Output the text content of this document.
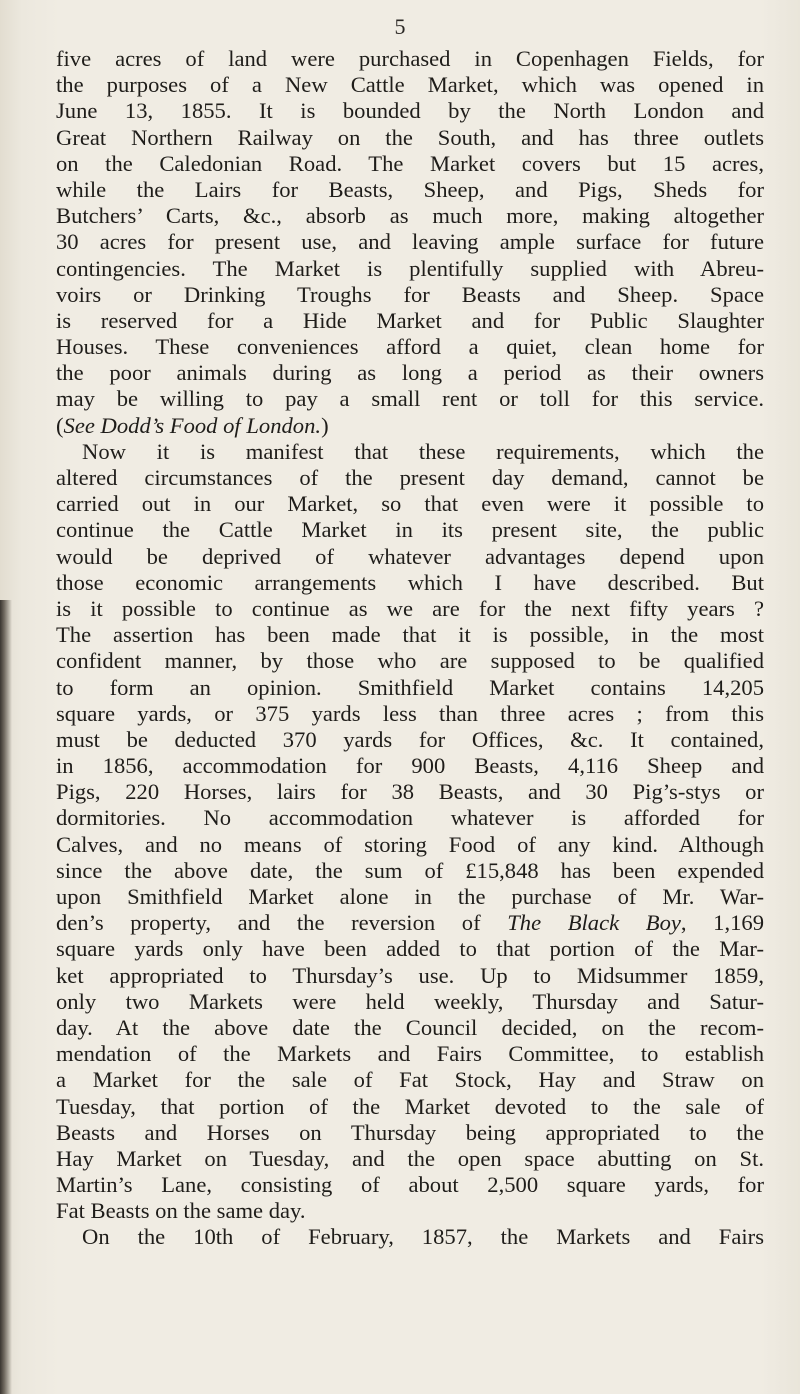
5
five acres of land were purchased in Copenhagen Fields, for
the purposes of a New Cattle Market, which was opened in
June 13, 1855. It is bounded by the North London and
Great Northern Railway on the South, and has three outlets
on the Caledonian Road. The Market covers but 15 acres,
while the Lairs for Beasts, Sheep, and Pigs, Sheds for
Butchers’ Carts, &c., absorb as much more, making altogether
30 acres for present use, and leaving ample surface for future
contingencies. The Market is plentifully supplied with Abreu-
voirs or Drinking Troughs for Beasts and Sheep. Space
is reserved for a Hide Market and for Public Slaughter
Houses. These conveniences afford a quiet, clean home for
the poor animals during as long a period as their owners
may be willing to pay a small rent or toll for this service.
(See Dodd’s Food of London.)
Now it is manifest that these requirements, which the
altered circumstances of the present day demand, cannot be
carried out in our Market, so that even were it possible to
continue the Cattle Market in its present site, the public
would be deprived of whatever advantages depend upon
those economic arrangements which I have described. But
is it possible to continue as we are for the next fifty years ?
The assertion has been made that it is possible, in the most
confident manner, by those who are supposed to be qualified
to form an opinion. Smithfield Market contains 14,205
square yards, or 375 yards less than three acres ; from this
must be deducted 370 yards for Offices, &c. It contained,
in 1856, accommodation for 900 Beasts, 4,116 Sheep and
Pigs, 220 Horses, lairs for 38 Beasts, and 30 Pig’s-stys or
dormitories. No accommodation whatever is afforded for
Calves, and no means of storing Food of any kind. Although
since the above date, the sum of £15,848 has been expended
upon Smithfield Market alone in the purchase of Mr. War-
den’s property, and the reversion of The Black Boy, 1,169
square yards only have been added to that portion of the Mar-
ket appropriated to Thursday’s use. Up to Midsummer 1859,
only two Markets were held weekly, Thursday and Satur-
day. At the above date the Council decided, on the recom-
mendation of the Markets and Fairs Committee, to establish
a Market for the sale of Fat Stock, Hay and Straw on
Tuesday, that portion of the Market devoted to the sale of
Beasts and Horses on Thursday being appropriated to the
Hay Market on Tuesday, and the open space abutting on St.
Martin’s Lane, consisting of about 2,500 square yards, for
Fat Beasts on the same day.
On the 10th of February, 1857, the Markets and Fairs
